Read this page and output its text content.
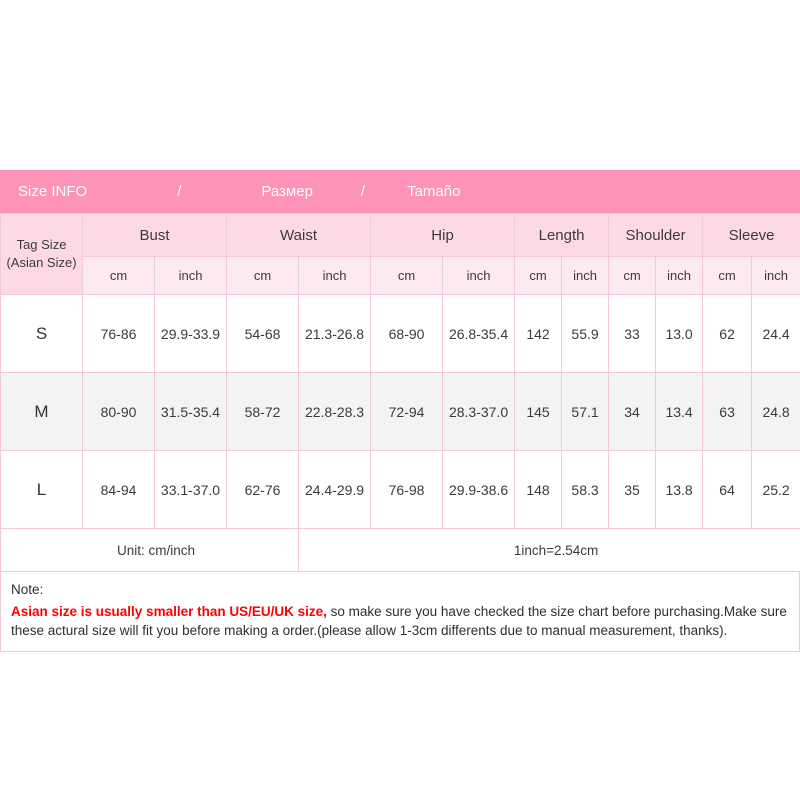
Size INFO	/	Размер	/	Tamaño
Tag Size
(Asian Size)	Bust		Waist		Hip		Length		Shoulder		Sleeve	
	cm	inch	cm	inch	cm	inch	cm	inch	cm	inch	cm	inch
S	76-86	29.9-33.9	54-68	21.3-26.8	68-90	26.8-35.4	142	55.9	33	13.0	62	24.4
M	80-90	31.5-35.4	58-72	22.8-28.3	72-94	28.3-37.0	145	57.1	34	13.4	63	24.8
L	84-94	33.1-37.0	62-76	24.4-29.9	76-98	29.9-38.6	148	58.3	35	13.8	64	25.2
Unit: cm/inch				1inch=2.54cm								
Note:
Asian size is usually smaller than US/EU/UK size, so make sure you have checked the size chart before purchasing.Make sure these actural size will fit you before making a order.(please allow 1-3cm differents due to manual measurement, thanks).
